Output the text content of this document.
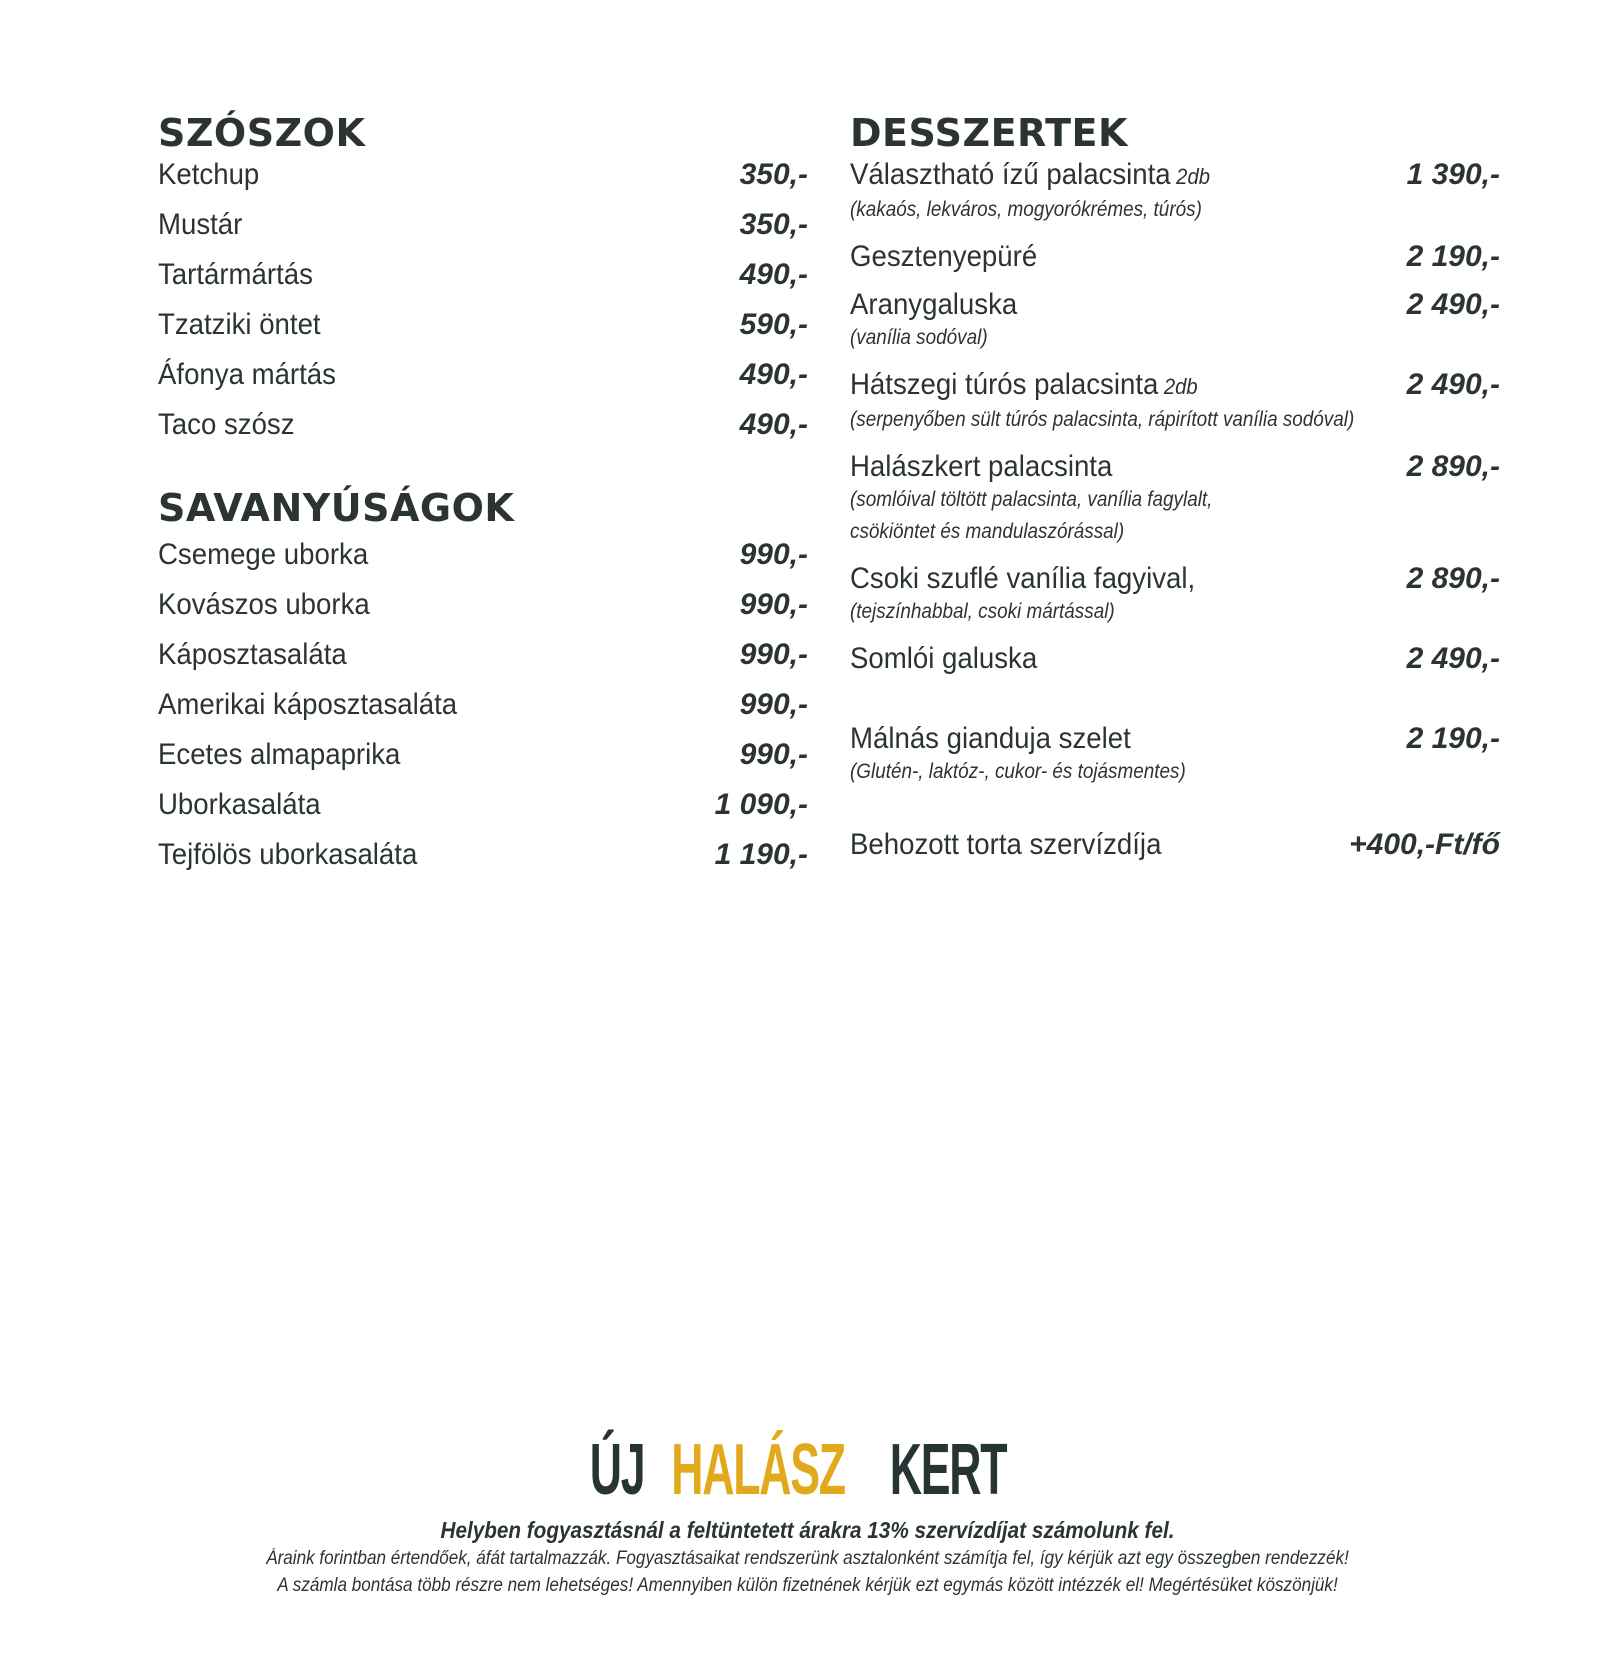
SZÓSZOK
Ketchup	350,-
Mustár	350,-
Tartármártás	490,-
Tzatziki öntet	590,-
Áfonya mártás	490,-
Taco szósz	490,-
SAVANYÚSÁGOK
Csemege uborka	990,-
Kovászos uborka	990,-
Káposztasaláta	990,-
Amerikai káposztasaláta	990,-
Ecetes almapaprika	990,-
Uborkasaláta	1 090,-
Tejfölös uborkasaláta	1 190,-
DESSZERTEK
Választható ízű palacsinta 2db	1 390,-
(kakaós, lekváros, mogyorókrémes, túrós)
Gesztenyepüré	2 190,-
Aranygaluska	2 490,-
(vanília sodóval)
Hátszegi túrós palacsinta 2db	2 490,-
(serpenyőben sült túrós palacsinta, rápirított vanília sodóval)
Halászkert palacsinta	2 890,-
(somlóival töltött palacsinta, vanília fagylalt,
csökiöntet és mandulaszórással)
Csoki szuflé vanília fagyival,	2 890,-
(tejszínhabbal, csoki mártással)
Somlói galuska	2 490,-
Málnás gianduja szelet	2 190,-
(Glutén-, laktóz-, cukor- és tojásmentes)
Behozott torta szervízdíja	+400,-Ft/fő
ÚJ HALÁSZ KERT
Helyben fogyasztásnál a feltüntetett árakra 13% szervízdíjat számolunk fel.
Áraink forintban értendőek, áfát tartalmazzák. Fogyasztásaikat rendszerünk asztalonként számítja fel, így kérjük azt egy összegben rendezzék!
A számla bontása több részre nem lehetséges! Amennyiben külön fizetnének kérjük ezt egymás között intézzék el! Megértésüket köszönjük!
